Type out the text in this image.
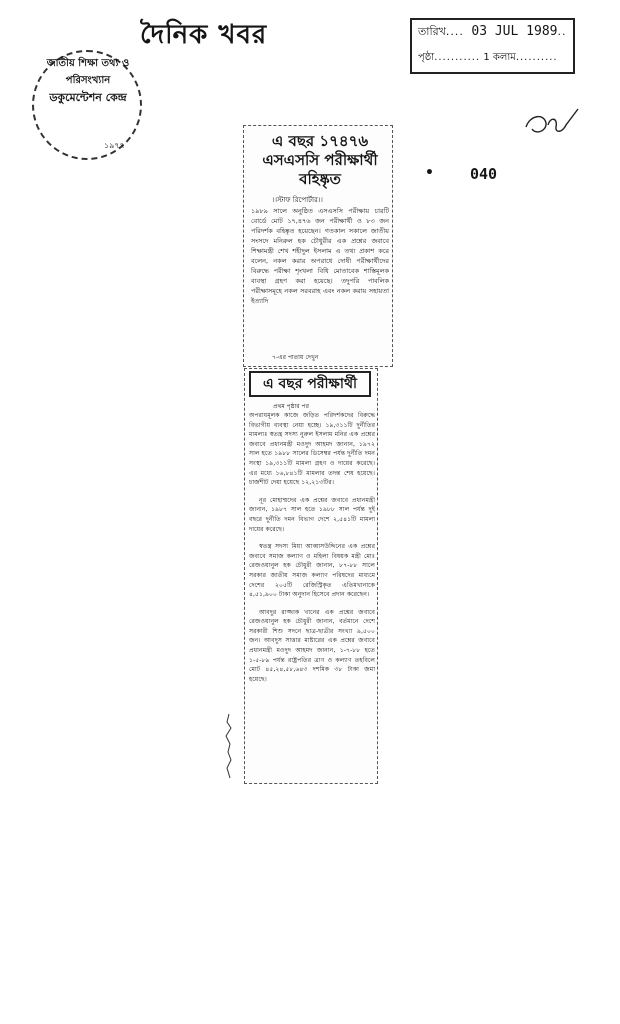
দৈনিক খবর	তারিখ.... 03 JUL 1989..
পৃষ্ঠা........... 1 কলাম..........
জাতীয় শিক্ষা তথ্য ও পরিসংখ্যান
ডকুমেন্টেশন কেন্দ্র
১৯৭৭
• 040
এ বছর ১৭৪৭৬ এসএসসি পরীক্ষার্থী বহিষ্কৃত
।।স্টাফ রিপোর্টার।।
১৯৮৯ সালে অনুষ্ঠিত এসএসসি পরীক্ষায় চারটি বোর্ডে মোট ১৭,৪৭৬ জন পরীক্ষার্থী ও ৮৩ জন পরিদর্শক বহিষ্কৃত হয়েছেন। গতকাল সকালে জাতীয় সংসদে মনিরুল হক চৌধুরীর এক প্রশ্নের জবাবে শিক্ষামন্ত্রী শেখ শহীদুল ইসলাম এ তথ্য প্রকাশ করে বলেন, নকল করার অপরাধে দোষী পরীক্ষার্থীদের বিরুদ্ধে পরীক্ষা শৃংখলা বিধি মোতাবেক শাস্তিমূলক ব্যবস্থা গ্রহণ করা হয়েছে। তদুপরি পাবলিক পরীক্ষাসমূহে নকল সরবরাহ এবং নকল করায় সহায়তা ইত্যাদি
৭-এর পাতায় দেখুন
এ বছর পরীক্ষার্থী
প্রথম পৃষ্ঠার পর

অপরাধমূলক কাজে জড়িত পরিদর্শকদের বিরুদ্ধে বিভাগীয় ব্যবস্থা নেয়া হচ্ছে। ১৯,৩১১টি দুর্নীতির মামলাঃ স্বতন্ত্র সদস্য নুরুল ইসলাম মনির এক প্রশ্নের জবাবে প্রধানমন্ত্রী মওদুদ আহমদ জানান, ১৯৭২ সাল হতে ১৯৮৮ সালের ডিসেম্বর পর্যন্ত দুর্নীতি দমন সংস্থা ১৯,৩১১টি মামলা গ্রহণ ও দায়ের করেছে। এর মধ্যে ১৬,৮৪১টি মামলার তদন্ত শেষ হয়েছে। চার্জশীট দেয়া হয়েছে ১২,২১৩টির।

নূর মোহাম্মদের এক প্রশ্নের জবাবে প্রধানমন্ত্রী জানান, ১৯৮৭ সাল হতে ১৯৮৮ সাল পর্যন্ত দুই বছরে দুর্নীতি দমন বিভাগ দেশে ২,৫৪১টি মামলা দায়ের করেছে।

স্বতন্ত্র সদস্য মিয়া আব্বাসউদ্দিনের এক প্রশ্নের জবাবে সমাজ কল্যাণ ও মহিলা বিষয়ক মন্ত্রী মোঃ রেজওয়ানুল হক চৌধুরী জানান, ৮৭-৮৮ সালে সরকার জাতীয় সমাজ কল্যাণ পরিষদের মাধ্যমে দেশের ২০৫টি রেজিস্ট্রিকৃত এতিমখানাকে ৪,৫১,৯০০ টাকা অনুদান হিসেবে প্রদান করেছেন।

আবদুর রাজ্জাক খানের এক প্রশ্নের জবাবে রেজওয়ানুল হক চৌধুরী জানান, বর্তমানে দেশে সরকারী শিশু সদনে ছাত্র-ছাত্রীর সংখ্যা ৯,৫০০ জন। আবদুস সাত্তার মাষ্টারের এক প্রশ্নের জবাবে প্রধানমন্ত্রী মওদুদ আহমদ জানান, ১-৭-৮৮ হতে ১-৫-৮৯ পর্যন্ত রাষ্ট্রপতির ত্রাণ ও কল্যাণ তহবিলে মোট ৪৫,২৪,৫৮,৬৪৩ দশমিক ৩৮ টাকা জমা হয়েছে।
